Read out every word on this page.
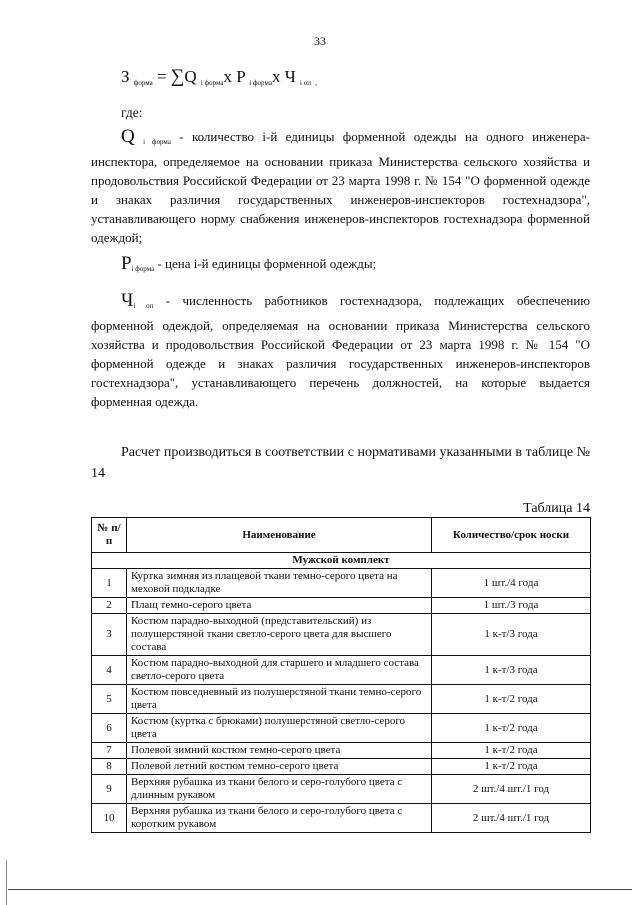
33
З $_{форма}$ = ∑Q $_{i форма}$x P $_{i форма}$x Ч $_{i оп}$ $_,$
где:

Q $_{i форма}$ - количество i-й единицы форменной одежды на одного инженера-инспектора, определяемое на основании приказа Министерства сельского хозяйства и продовольствия Российской Федерации от 23 марта 1998 г. № 154 "О форменной одежде и знаках различия государственных инженеров-инспекторов гостехнадзора", устанавливающего норму снабжения инженеров-инспекторов гостехнадзора форменной одеждой;

$P_{i форма}$ - цена i-й единицы форменной одежды;

$Ч_{i оп}$ - численность работников гостехнадзора, подлежащих обеспечению форменной одеждой, определяемая на основании приказа Министерства сельского хозяйства и продовольствия Российской Федерации от 23 марта 1998 г. № 154 "О форменной одежде и знаках различия государственных инженеров-инспекторов гостехнадзора", устанавливающего перечень должностей, на которые выдается форменная одежда.

Расчет производиться в соответствии с нормативами указанными в таблице № 14

Таблица 14
№ п/п	Наименование	Количество/срок носки
Мужской комплект		
1	Куртка зимняя из плащевой ткани темно-серого цвета на меховой подкладке	1 шт./4 года
2	Плащ темно-серого цвета	1 шт./3 года
3	Костюм парадно-выходной (представительский) из полушерстяной ткани светло-серого цвета для высшего состава	1 к-т/3 года
4	Костюм парадно-выходной для старшего и младшего состава светло-серого цвета	1 к-т/3 года
5	Костюм повседневный из полушерстяной ткани темно-серого цвета	1 к-т/2 года
6	Костюм (куртка с брюками) полушерстяной светло-серого цвета	1 к-т/2 года
7	Полевой зимний костюм темно-серого цвета	1 к-т/2 года
8	Полевой летний костюм темно-серого цвета	1 к-т/2 года
9	Верхняя рубашка из ткани белого и серо-голубого цвета с длинным рукавом	2 шт./4 шт./1 год
10	Верхняя рубашка из ткани белого и серо-голубого цвета с коротким рукавом	2 шт./4 шт./1 год
